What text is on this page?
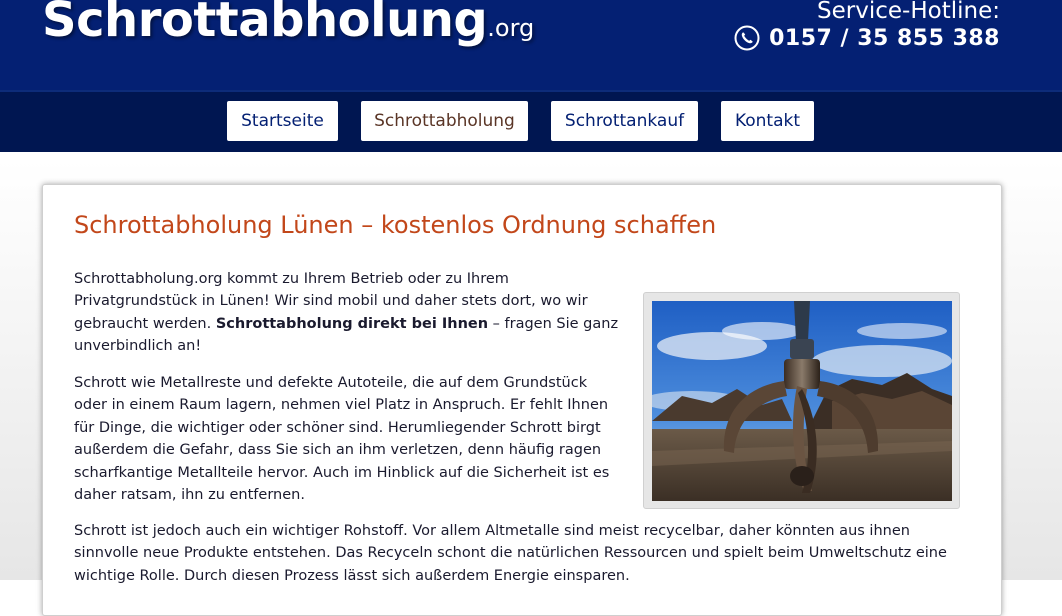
Schrottabholung.org
Service-Hotline:
0157 / 35 855 388
Startseite	Schrottabholung	Schrottankauf	Kontakt
Schrottabholung Lünen – kostenlos Ordnung schaffen

Schrottabholung.org kommt zu Ihrem Betrieb oder zu Ihrem Privatgrundstück in Lünen! Wir sind mobil und daher stets dort, wo wir gebraucht werden. Schrottabholung direkt bei Ihnen – fragen Sie ganz unverbindlich an!

Schrott wie Metallreste und defekte Autoteile, die auf dem Grundstück oder in einem Raum lagern, nehmen viel Platz in Anspruch. Er fehlt Ihnen für Dinge, die wichtiger oder schöner sind. Herumliegender Schrott birgt außerdem die Gefahr, dass Sie sich an ihm verletzen, denn häufig ragen scharfkantige Metallteile hervor. Auch im Hinblick auf die Sicherheit ist es daher ratsam, ihn zu entfernen.

Schrott ist jedoch auch ein wichtiger Rohstoff. Vor allem Altmetalle sind meist recycelbar, daher könnten aus ihnen sinnvolle neue Produkte entstehen. Das Recyceln schont die natürlichen Ressourcen und spielt beim Umweltschutz eine wichtige Rolle. Durch diesen Prozess lässt sich außerdem Energie einsparen.
